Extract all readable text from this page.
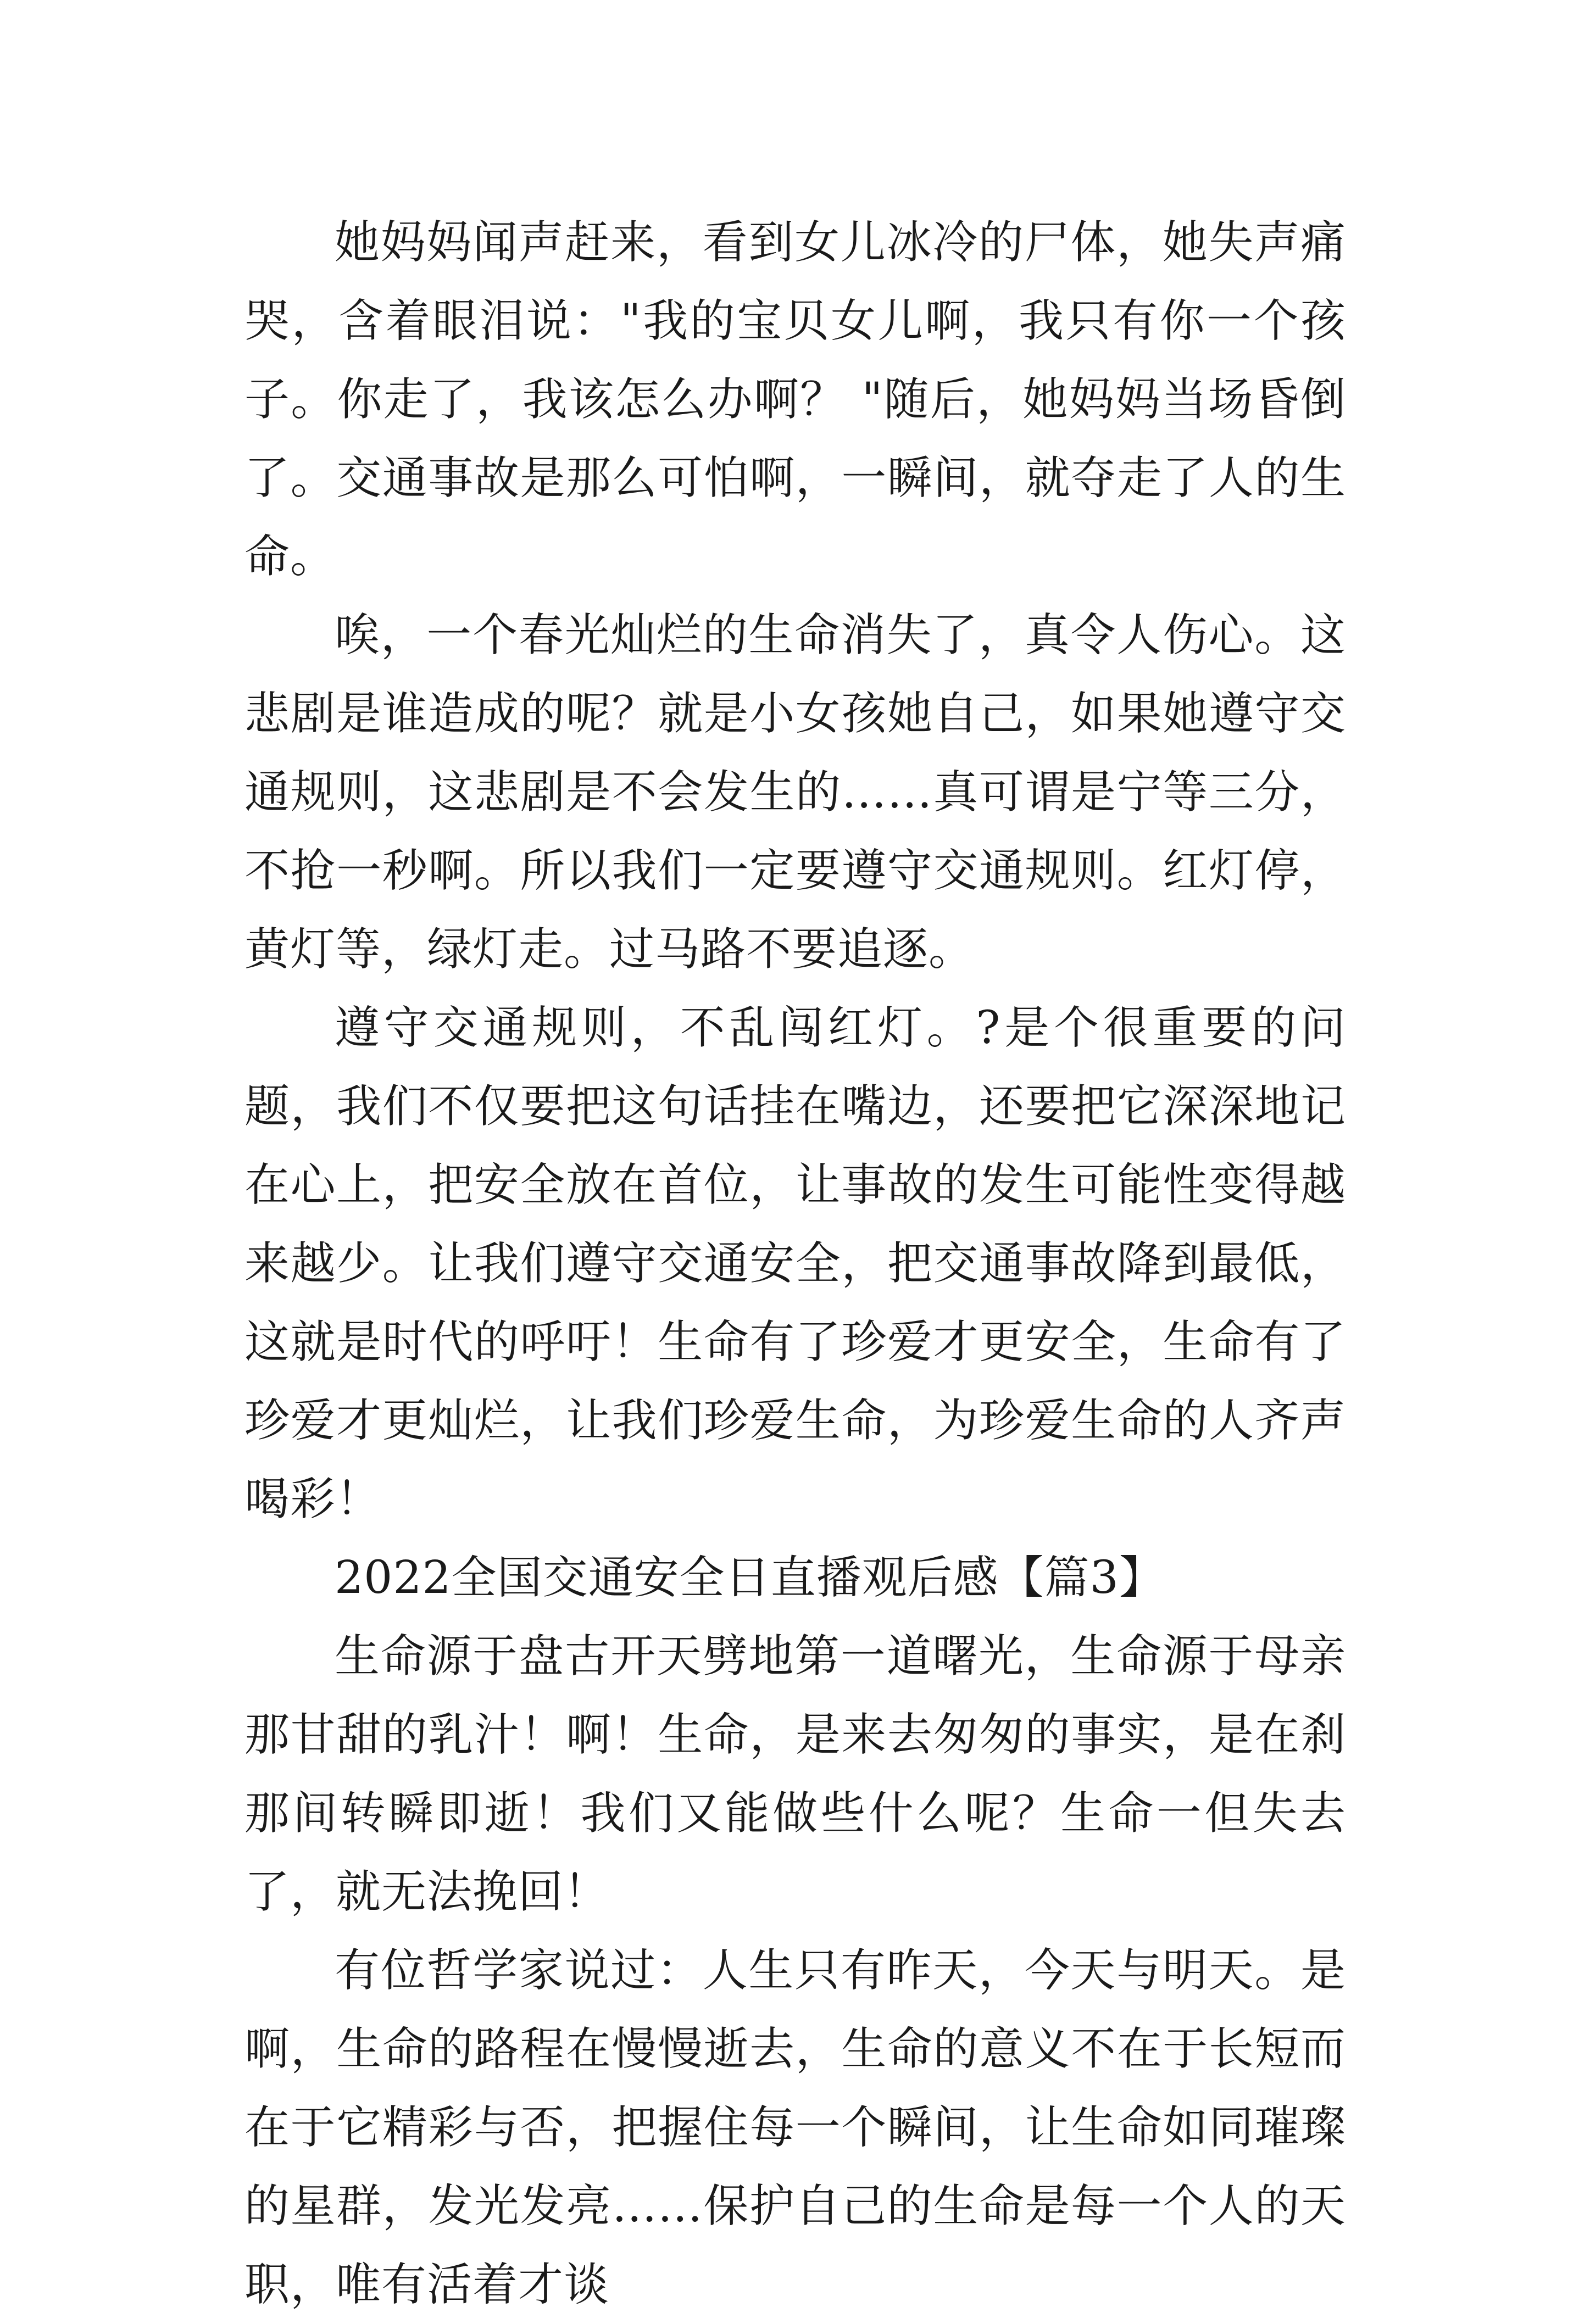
她妈妈闻声赶来，看到女儿冰冷的尸体，她失声痛哭，含着眼泪说："我的宝贝女儿啊，我只有你一个孩子。你走了，我该怎么办啊？ "随后，她妈妈当场昏倒了。交通事故是那么可怕啊，一瞬间，就夺走了人的生命。

唉，一个春光灿烂的生命消失了，真令人伤心。这悲剧是谁造成的呢？就是小女孩她自己，如果她遵守交通规则，这悲剧是不会发生的……真可谓是宁等三分，不抢一秒啊。所以我们一定要遵守交通规则。红灯停，黄灯等，绿灯走。过马路不要追逐。

遵守交通规则，不乱闯红灯。?是个很重要的问题，我们不仅要把这句话挂在嘴边，还要把它深深地记在心上，把安全放在首位，让事故的发生可能性变得越来越少。让我们遵守交通安全，把交通事故降到最低，这就是时代的呼吁！生命有了珍爱才更安全，生命有了珍爱才更灿烂，让我们珍爱生命，为珍爱生命的人齐声喝彩！

2022全国交通安全日直播观后感【篇3】

生命源于盘古开天劈地第一道曙光，生命源于母亲那甘甜的乳汁！啊！生命，是来去匆匆的事实，是在刹那间转瞬即逝！我们又能做些什么呢？生命一但失去了，就无法挽回！

有位哲学家说过：人生只有昨天，今天与明天。是啊，生命的路程在慢慢逝去，生命的意义不在于长短而在于它精彩与否，把握住每一个瞬间，让生命如同璀璨的星群，发光发亮……保护自己的生命是每一个人的天职，唯有活着才谈
